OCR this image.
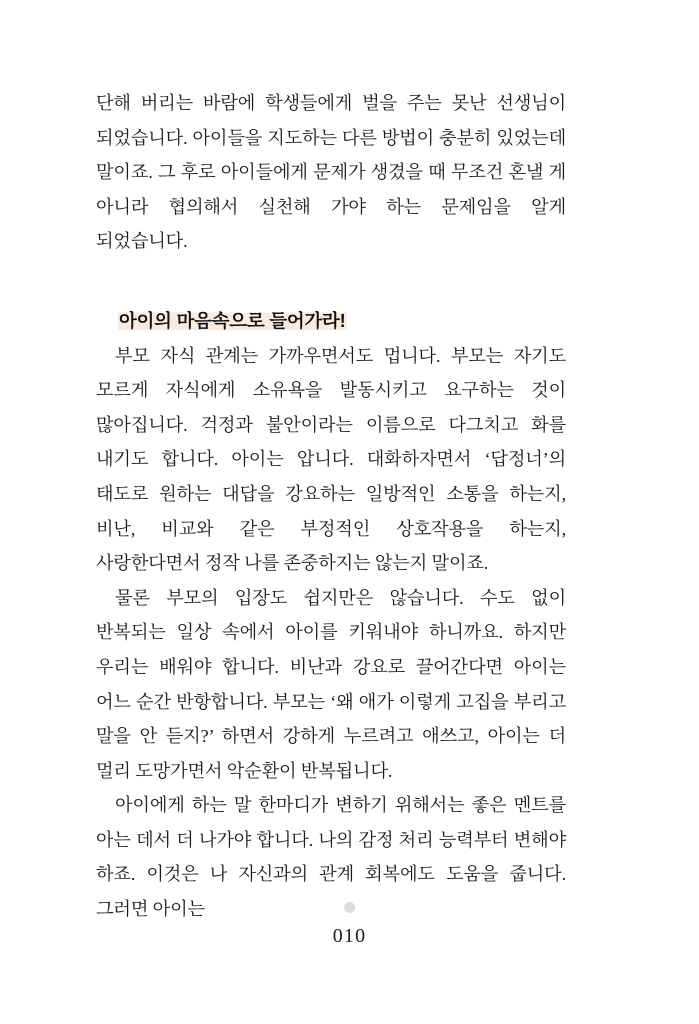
단해 버리는 바람에 학생들에게 벌을 주는 못난 선생님이 되었습니다. 아이들을 지도하는 다른 방법이 충분히 있었는데 말이죠. 그 후로 아이들에게 문제가 생겼을 때 무조건 혼낼 게 아니라 협의해서 실천해 가야 하는 문제임을 알게 되었습니다.

아이의 마음속으로 들어가라!

부모 자식 관계는 가까우면서도 멉니다. 부모는 자기도 모르게 자식에게 소유욕을 발동시키고 요구하는 것이 많아집니다. 걱정과 불안이라는 이름으로 다그치고 화를 내기도 합니다. 아이는 압니다. 대화하자면서 ‘답정너’의 태도로 원하는 대답을 강요하는 일방적인 소통을 하는지, 비난, 비교와 같은 부정적인 상호작용을 하는지, 사랑한다면서 정작 나를 존중하지는 않는지 말이죠.

물론 부모의 입장도 쉽지만은 않습니다. 수도 없이 반복되는 일상 속에서 아이를 키워내야 하니까요. 하지만 우리는 배워야 합니다. 비난과 강요로 끌어간다면 아이는 어느 순간 반항합니다. 부모는 ‘왜 애가 이렇게 고집을 부리고 말을 안 듣지?’ 하면서 강하게 누르려고 애쓰고, 아이는 더 멀리 도망가면서 악순환이 반복됩니다.

아이에게 하는 말 한마디가 변하기 위해서는 좋은 멘트를 아는 데서 더 나가야 합니다. 나의 감정 처리 능력부터 변해야 하죠. 이것은 나 자신과의 관계 회복에도 도움을 줍니다. 그러면 아이는

010
